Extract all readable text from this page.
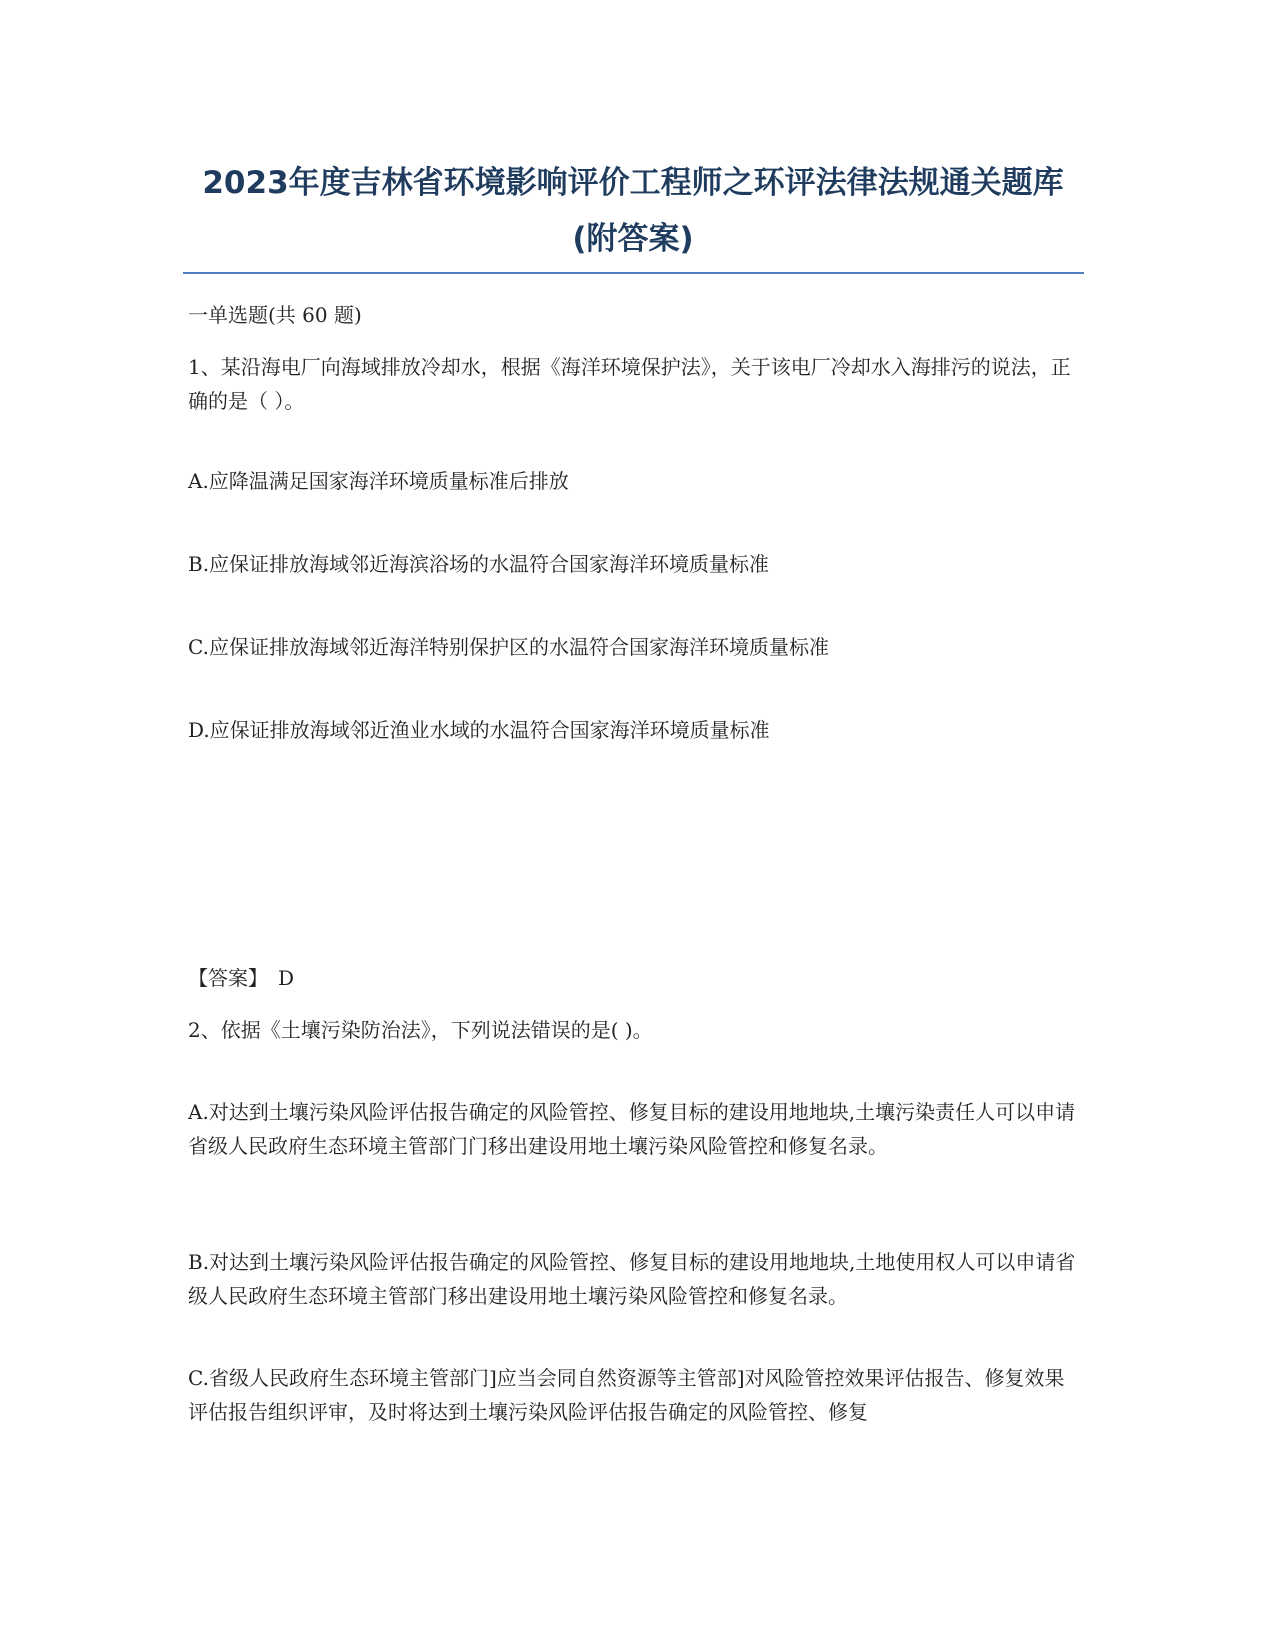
2023年度吉林省环境影响评价工程师之环评法律法规通关题库(附答案)
一单选题(共 60 题)
1、某沿海电厂向海域排放冷却水，根据《海洋环境保护法》，关于该电厂冷却水入海排污的说法，正确的是（ ）。
A.应降温满足国家海洋环境质量标准后排放
B.应保证排放海域邻近海滨浴场的水温符合国家海洋环境质量标准
C.应保证排放海域邻近海洋特别保护区的水温符合国家海洋环境质量标准
D.应保证排放海域邻近渔业水域的水温符合国家海洋环境质量标准
【答案】　D
2、依据《土壤污染防治法》，下列说法错误的是( )。
A.对达到土壤污染风险评估报告确定的风险管控、修复目标的建设用地地块,土壤污染责任人可以申请省级人民政府生态环境主管部门门移出建设用地土壤污染风险管控和修复名录。
B.对达到土壤污染风险评估报告确定的风险管控、修复目标的建设用地地块,土地使用权人可以申请省级人民政府生态环境主管部门移出建设用地土壤污染风险管控和修复名录。
C.省级人民政府生态环境主管部门]应当会同自然资源等主管部]对风险管控效果评估报告、修复效果评估报告组织评审，及时将达到土壤污染风险评估报告确定的风险管控、修复
